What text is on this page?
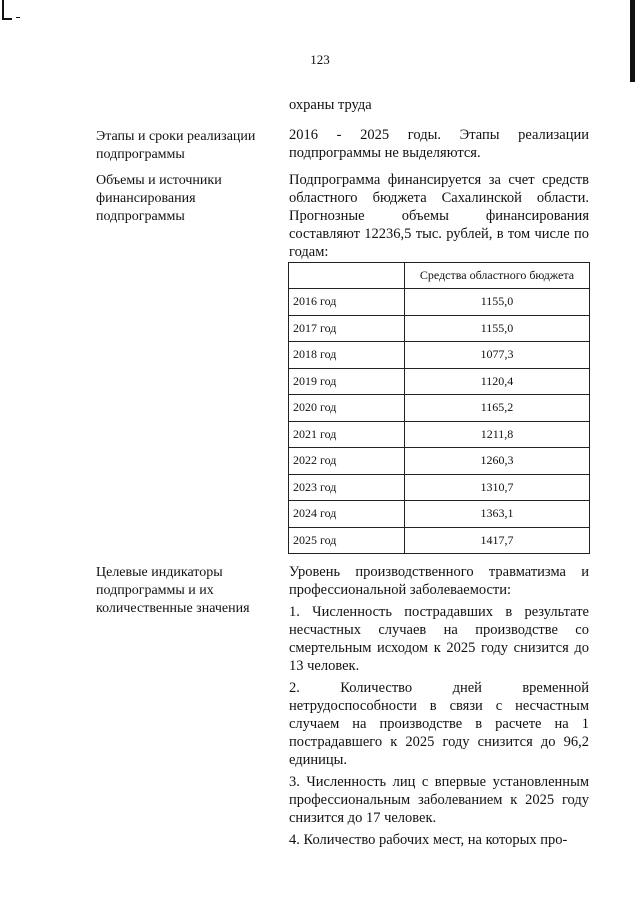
123
охраны труда
Этапы и сроки реализации подпрограммы
2016 - 2025 годы. Этапы реализации подпрограммы не выделяются.
Объемы и источники финансирования подпрограммы
Подпрограмма финансируется за счет средств областного бюджета Сахалинской области. Прогнозные объемы финансирования составляют 12236,5 тыс. рублей, в том числе по годам:
	Средства областного бюджета
2016 год	1155,0
2017 год	1155,0
2018 год	1077,3
2019 год	1120,4
2020 год	1165,2
2021 год	1211,8
2022 год	1260,3
2023 год	1310,7
2024 год	1363,1
2025 год	1417,7
Целевые индикаторы подпрограммы и их количественные значения
Уровень производственного травматизма и профессиональной заболеваемости:
1. Численность пострадавших в результате несчастных случаев на производстве со смертельным исходом к 2025 году снизится до 13 человек.
2. Количество дней временной нетрудоспособности в связи с несчастным случаем на производстве в расчете на 1 пострадавшего к 2025 году снизится до 96,2 единицы.
3. Численность лиц с впервые установленным профессиональным заболеванием к 2025 году снизится до 17 человек.
4. Количество рабочих мест, на которых про-
